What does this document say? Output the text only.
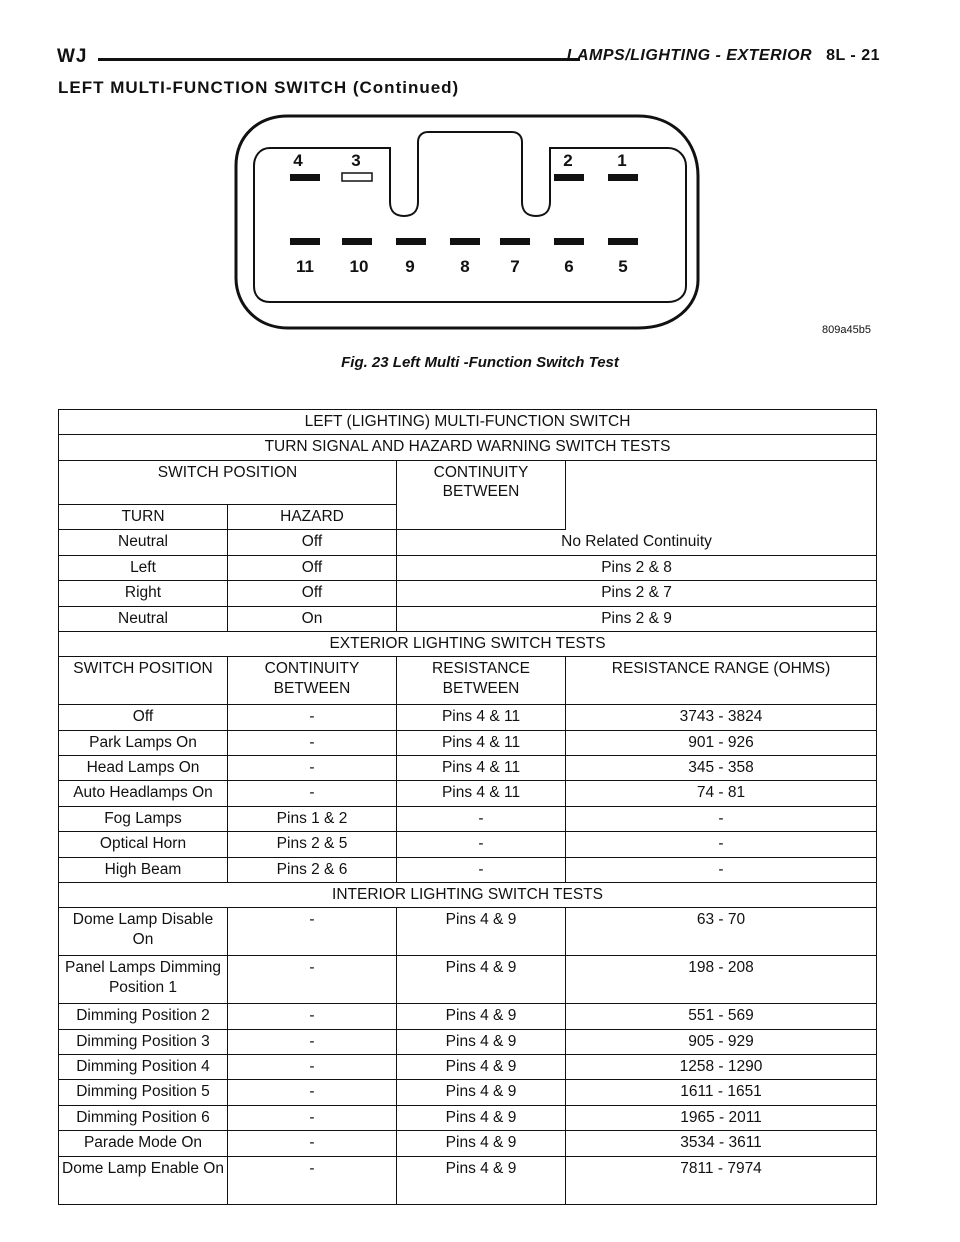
WJ	LAMPS/LIGHTING - EXTERIOR 8L - 21
LEFT MULTI-FUNCTION SWITCH (Continued)
4	3	2	1
11 10 9	8 7	6	5
809a45b5
Fig. 23 Left Multi -Function Switch Test
LEFT (LIGHTING) MULTI-FUNCTION SWITCH			
TURN SIGNAL AND HAZARD WARNING SWITCH TESTS			
SWITCH POSITION		CONTINUITY BETWEEN	
TURN	HAZARD		
Neutral	Off	No Related Continuity	
Left	Off	Pins 2 & 8	
Right	Off	Pins 2 & 7	
Neutral	On	Pins 2 & 9	
EXTERIOR LIGHTING SWITCH TESTS			
SWITCH POSITION	CONTINUITY BETWEEN	RESISTANCE BETWEEN	RESISTANCE RANGE (OHMS)
Off	-	Pins 4 & 11	3743 - 3824
Park Lamps On	-	Pins 4 & 11	901 - 926
Head Lamps On	-	Pins 4 & 11	345 - 358
Auto Headlamps On	-	Pins 4 & 11	74 - 81
Fog Lamps	Pins 1 & 2	-	-
Optical Horn	Pins 2 & 5	-	-
High Beam	Pins 2 & 6	-	-
INTERIOR LIGHTING SWITCH TESTS			
Dome Lamp Disable On	-	Pins 4 & 9	63 - 70
Panel Lamps Dimming Position 1	-	Pins 4 & 9	198 - 208
Dimming Position 2	-	Pins 4 & 9	551 - 569
Dimming Position 3	-	Pins 4 & 9	905 - 929
Dimming Position 4	-	Pins 4 & 9	1258 - 1290
Dimming Position 5	-	Pins 4 & 9	1611 - 1651
Dimming Position 6	-	Pins 4 & 9	1965 - 2011
Parade Mode On	-	Pins 4 & 9	3534 - 3611
Dome Lamp Enable On	-	Pins 4 & 9	7811 - 7974
